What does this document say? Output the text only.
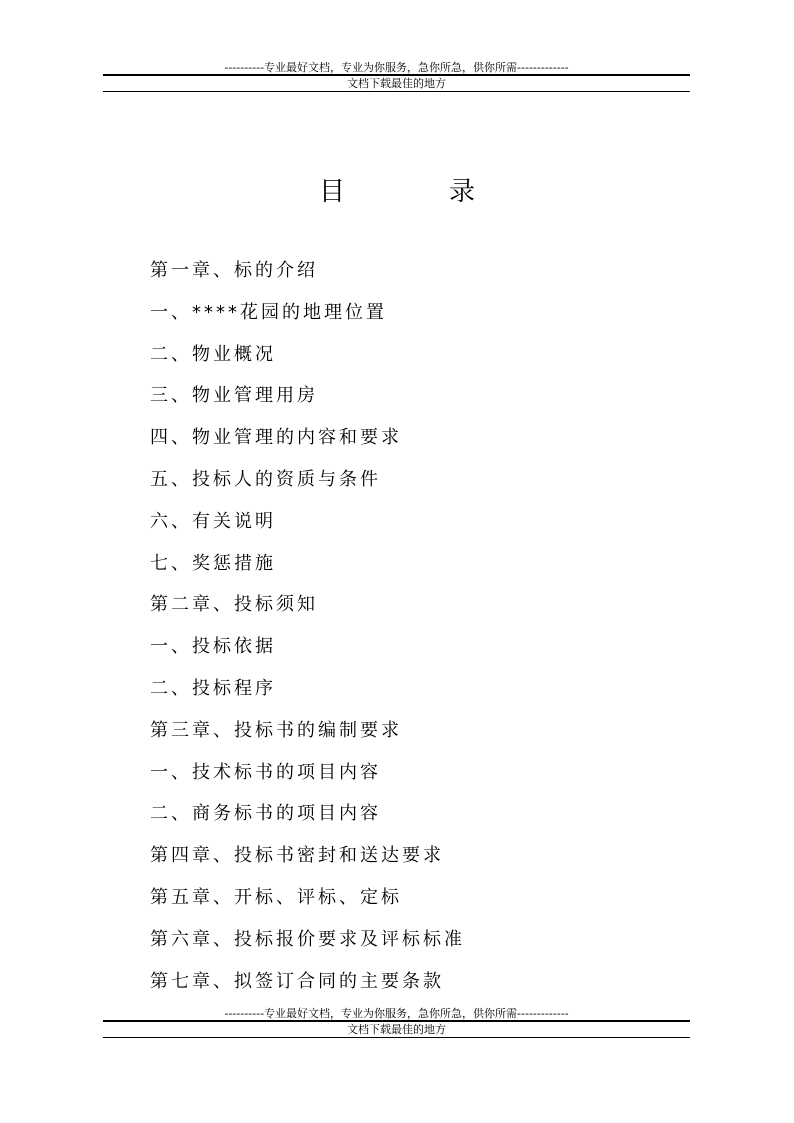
----------专业最好文档，专业为你服务，急你所急，供你所需-------------
文档下载最佳的地方
目	录
第一章、标的介绍
一、****花园的地理位置
二、物业概况
三、物业管理用房
四、物业管理的内容和要求
五、投标人的资质与条件
六、有关说明
七、奖惩措施
第二章、投标须知
一、投标依据
二、投标程序
第三章、投标书的编制要求
一、技术标书的项目内容
二、商务标书的项目内容
第四章、投标书密封和送达要求
第五章、开标、评标、定标
第六章、投标报价要求及评标标准
第七章、拟签订合同的主要条款
----------专业最好文档，专业为你服务，急你所急，供你所需-------------
文档下载最佳的地方
